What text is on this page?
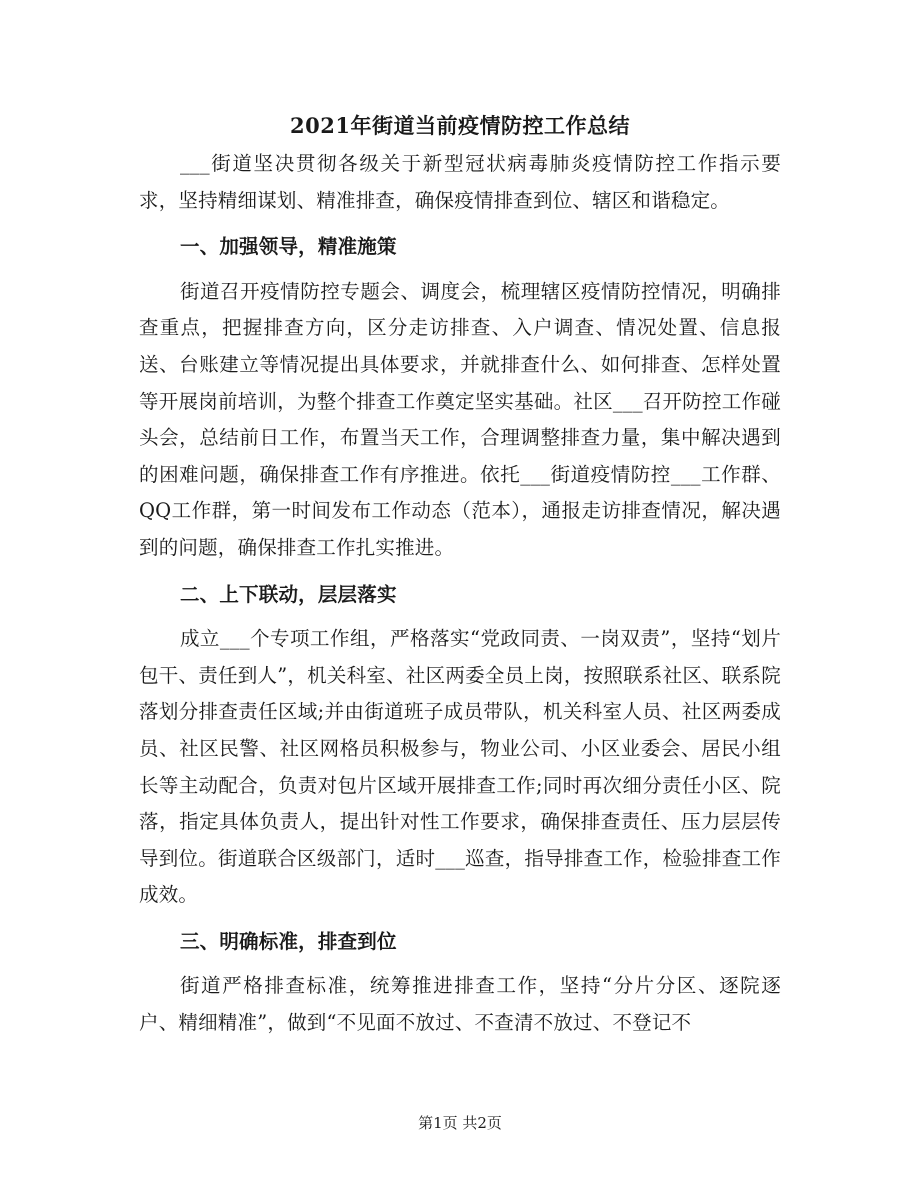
2021年街道当前疫情防控工作总结

___街道坚决贯彻各级关于新型冠状病毒肺炎疫情防控工作指示要求，坚持精细谋划、精准排查，确保疫情排查到位、辖区和谐稳定。

一、加强领导，精准施策

街道召开疫情防控专题会、调度会，梳理辖区疫情防控情况，明确排查重点，把握排查方向，区分走访排查、入户调查、情况处置、信息报送、台账建立等情况提出具体要求，并就排查什么、如何排查、怎样处置等开展岗前培训，为整个排查工作奠定坚实基础。社区___召开防控工作碰头会，总结前日工作，布置当天工作，合理调整排查力量，集中解决遇到的困难问题，确保排查工作有序推进。依托___街道疫情防控___工作群、QQ工作群，第一时间发布工作动态（范本），通报走访排查情况，解决遇到的问题，确保排查工作扎实推进。

二、上下联动，层层落实

成立___个专项工作组，严格落实“党政同责、一岗双责”，坚持“划片包干、责任到人”，机关科室、社区两委全员上岗，按照联系社区、联系院落划分排查责任区域;并由街道班子成员带队，机关科室人员、社区两委成员、社区民警、社区网格员积极参与，物业公司、小区业委会、居民小组长等主动配合，负责对包片区域开展排查工作;同时再次细分责任小区、院落，指定具体负责人，提出针对性工作要求，确保排查责任、压力层层传导到位。街道联合区级部门，适时___巡查，指导排查工作，检验排查工作成效。

三、明确标准，排查到位

街道严格排查标准，统筹推进排查工作，坚持“分片分区、逐院逐户、精细精准”，做到“不见面不放过、不查清不放过、不登记不

第1页 共2页
